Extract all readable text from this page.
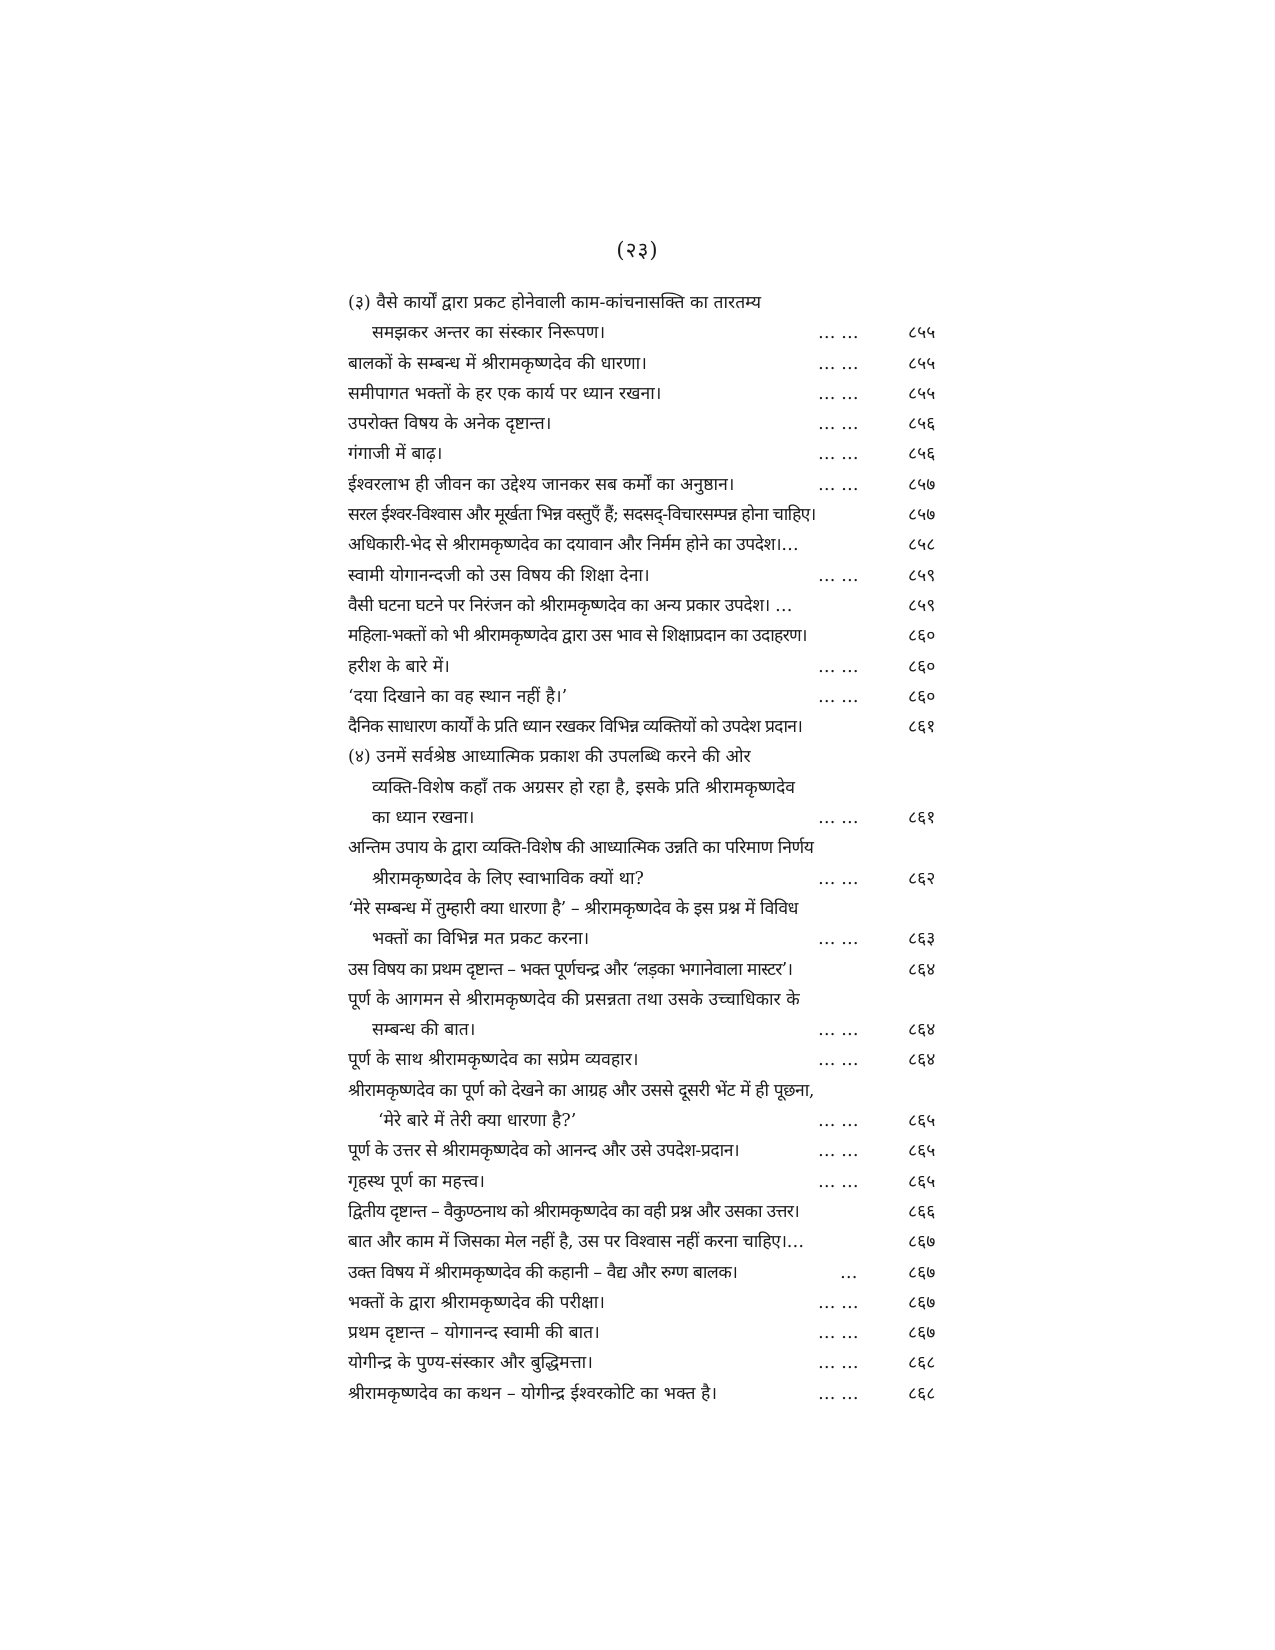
(२३)
(३) वैसे कार्यों द्वारा प्रकट होनेवाली काम-कांचनासक्ति का तारतम्य
समझकर अन्तर का संस्कार निरूपण।	… …	८५५
बालकों के सम्बन्ध में श्रीरामकृष्णदेव की धारणा।	… …	८५५
समीपागत भक्तों के हर एक कार्य पर ध्यान रखना।	… …	८५५
उपरोक्त विषय के अनेक दृष्टान्त।	… …	८५६
गंगाजी में बाढ़।	… …	८५६
ईश्वरलाभ ही जीवन का उद्देश्य जानकर सब कर्मों का अनुष्ठान।	… …	८५७
सरल ईश्वर-विश्वास और मूर्खता भिन्न वस्तुएँ हैं; सदसद्-विचारसम्पन्न होना चाहिए।	८५७
अधिकारी-भेद से श्रीरामकृष्णदेव का दयावान और निर्मम होने का उपदेश।…	८५८
स्वामी योगानन्दजी को उस विषय की शिक्षा देना।	… …	८५९
वैसी घटना घटने पर निरंजन को श्रीरामकृष्णदेव का अन्य प्रकार उपदेश। …	८५९
महिला-भक्तों को भी श्रीरामकृष्णदेव द्वारा उस भाव से शिक्षाप्रदान का उदाहरण।	८६०
हरीश के बारे में।	… …	८६०
‘दया दिखाने का वह स्थान नहीं है।’	… …	८६०
दैनिक साधारण कार्यों के प्रति ध्यान रखकर विभिन्न व्यक्तियों को उपदेश प्रदान।	८६१
(४) उनमें सर्वश्रेष्ठ आध्यात्मिक प्रकाश की उपलब्धि करने की ओर
व्यक्ति-विशेष कहाँ तक अग्रसर हो रहा है, इसके प्रति श्रीरामकृष्णदेव
का ध्यान रखना।	… …	८६१
अन्तिम उपाय के द्वारा व्यक्ति-विशेष की आध्यात्मिक उन्नति का परिमाण निर्णय
श्रीरामकृष्णदेव के लिए स्वाभाविक क्यों था?	… …	८६२
‘मेरे सम्बन्ध में तुम्हारी क्या धारणा है’ – श्रीरामकृष्णदेव के इस प्रश्न में विविध
भक्तों का विभिन्न मत प्रकट करना।	… …	८६३
उस विषय का प्रथम दृष्टान्त – भक्त पूर्णचन्द्र और ‘लड़का भगानेवाला मास्टर’।	८६४
पूर्ण के आगमन से श्रीरामकृष्णदेव की प्रसन्नता तथा उसके उच्चाधिकार के
सम्बन्ध की बात।	… …	८६४
पूर्ण के साथ श्रीरामकृष्णदेव का सप्रेम व्यवहार।	… …	८६४
श्रीरामकृष्णदेव का पूर्ण को देखने का आग्रह और उससे दूसरी भेंट में ही पूछना,
‘मेरे बारे में तेरी क्या धारणा है?’	… …	८६५
पूर्ण के उत्तर से श्रीरामकृष्णदेव को आनन्द और उसे उपदेश-प्रदान।	… …	८६५
गृहस्थ पूर्ण का महत्त्व।	… …	८६५
द्वितीय दृष्टान्त – वैकुण्ठनाथ को श्रीरामकृष्णदेव का वही प्रश्न और उसका उत्तर।	८६६
बात और काम में जिसका मेल नहीं है, उस पर विश्वास नहीं करना चाहिए।…	८६७
उक्त विषय में श्रीरामकृष्णदेव की कहानी – वैद्य और रुग्ण बालक।	…	८६७
भक्तों के द्वारा श्रीरामकृष्णदेव की परीक्षा।	… …	८६७
प्रथम दृष्टान्त – योगानन्द स्वामी की बात।	… …	८६७
योगीन्द्र के पुण्य-संस्कार और बुद्धिमत्ता।	… …	८६८
श्रीरामकृष्णदेव का कथन – योगीन्द्र ईश्वरकोटि का भक्त है।	… …	८६८
